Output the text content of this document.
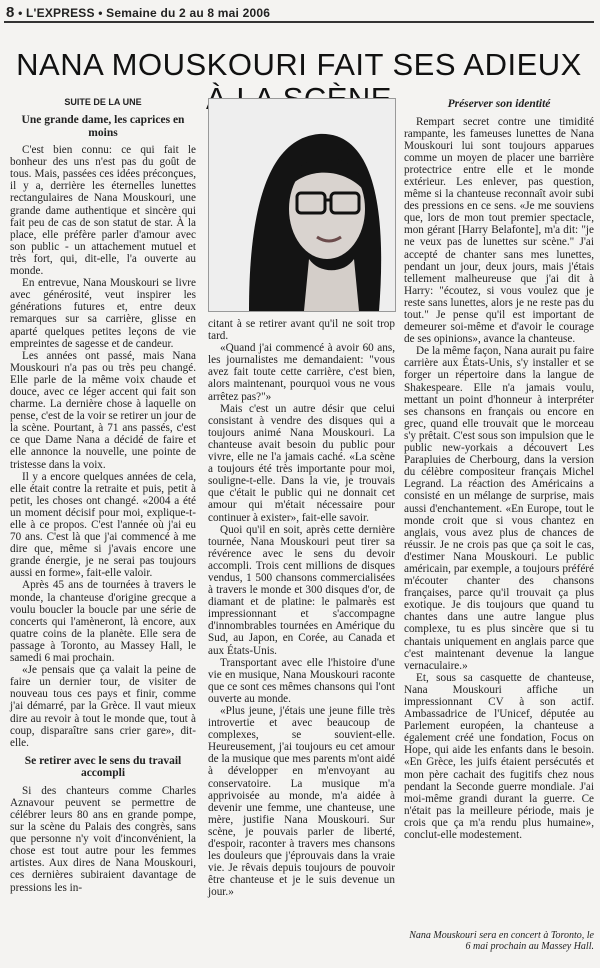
8 • L'EXPRESS • Semaine du 2 au 8 mai 2006
NANA MOUSKOURI FAIT SES ADIEUX
SUITE DE LA UNE
Une grande dame, les caprices en moins

C'est bien connu: ce qui fait le bonheur des uns n'est pas du goût de tous. Mais, passées ces idées préconçues, il y a, derrière les éternelles lunettes rectangulaires de Nana Mouskouri, une grande dame authentique et sincère qui fait peu de cas de son statut de star. À la place, elle préfère parler d'amour avec son public - un attachement mutuel et très fort, qui, dit-elle, l'a ouverte au monde.

En entrevue, Nana Mouskouri se livre avec générosité, veut inspirer les générations futures et, entre deux remarques sur sa carrière, glisse en aparté quelques petites leçons de vie empreintes de sagesse et de candeur.

Les années ont passé, mais Nana Mouskouri n'a pas ou très peu changé. Elle parle de la même voix chaude et douce, avec ce léger accent qui fait son charme. La dernière chose à laquelle on pense, c'est de la voir se retirer un jour de la scène. Pourtant, à 71 ans passés, c'est ce que Dame Nana a décidé de faire et elle annonce la nouvelle, une pointe de tristesse dans la voix.

Il y a encore quelques années de cela, elle était contre la retraite et puis, petit à petit, les choses ont changé. «2004 a été un moment décisif pour moi, explique-t-elle à ce propos. C'est l'année où j'ai eu 70 ans. C'est là que j'ai commencé à me dire que, même si j'avais encore une grande énergie, je ne serai pas toujours aussi en forme», fait-elle valoir.

Après 45 ans de tournées à travers le monde, la chanteuse d'origine grecque a voulu boucler la boucle par une série de concerts qui l'amèneront, là encore, aux quatre coins de la planète. Elle sera de passage à Toronto, au Massey Hall, le samedi 6 mai prochain.

«Je pensais que ça valait la peine de faire un dernier tour, de visiter de nouveau tous ces pays et finir, comme j'ai démarré, par la Grèce. Il vaut mieux dire au revoir à tout le monde que, tout à coup, disparaître sans crier gare», dit-elle.

Se retirer avec le sens du travail accompli

Si des chanteurs comme Charles Aznavour peuvent se permettre de célébrer leurs 80 ans en grande pompe, sur la scène du Palais des congrès, sans que personne n'y voit d'inconvénient, la chose est tout autre pour les femmes artistes. Aux dires de Nana Mouskouri, ces dernières subiraient davantage de pressions les in-

citant à se retirer avant qu'il ne soit trop tard.

«Quand j'ai commencé à avoir 60 ans, les journalistes me demandaient: "vous avez fait toute cette carrière, c'est bien, alors maintenant, pourquoi vous ne vous arrêtez pas?"»

Mais c'est un autre désir que celui consistant à vendre des disques qui a toujours animé Nana Mouskouri. La chanteuse avait besoin du public pour vivre, elle ne l'a jamais caché. «La scène a toujours été très importante pour moi, souligne-t-elle. Dans la vie, je trouvais que c'était le public qui ne donnait cet amour qui m'était nécessaire pour continuer à exister», fait-elle savoir.

Quoi qu'il en soit, après cette dernière tournée, Nana Mouskouri peut tirer sa révérence avec le sens du devoir accompli. Trois cent millions de disques vendus, 1 500 chansons commercialisées à travers le monde et 300 disques d'or, de diamant et de platine: le palmarès est impressionnant et s'accompagne d'innombrables tournées en Amérique du Sud, au Japon, en Corée, au Canada et aux États-Unis.

Transportant avec elle l'histoire d'une vie en musique, Nana Mouskouri raconte que ce sont ces mêmes chansons qui l'ont ouverte au monde.

«Plus jeune, j'étais une jeune fille très introvertie et avec beaucoup de complexes, se souvient-elle. Heureusement, j'ai toujours eu cet amour de la musique que mes parents m'ont aidé à développer en m'envoyant au conservatoire. La musique m'a apprivoisée au monde, m'a aidée à devenir une femme, une chanteuse, une mère, justifie Nana Mouskouri. Sur scène, je pouvais parler de liberté, d'espoir, raconter à travers mes chansons les douleurs que j'éprouvais dans la vraie vie. Je rêvais depuis toujours de pouvoir être chanteuse et je le suis devenue un jour.»

Préserver son identité

Rempart secret contre une timidité rampante, les fameuses lunettes de Nana Mouskouri lui sont toujours apparues comme un moyen de placer une barrière protectrice entre elle et le monde extérieur. Les enlever, pas question, même si la chanteuse reconnaît avoir subi des pressions en ce sens. «Je me souviens que, lors de mon tout premier spectacle, mon gérant [Harry Belafonte], m'a dit: "je ne veux pas de lunettes sur scène." J'ai accepté de chanter sans mes lunettes, pendant un jour, deux jours, mais j'étais tellement malheureuse que j'ai dit à Harry: "écoutez, si vous voulez que je reste sans lunettes, alors je ne reste pas du tout." Je pense qu'il est important de demeurer soi-même et d'avoir le courage de ses opinions», avance la chanteuse.

De la même façon, Nana aurait pu faire carrière aux États-Unis, s'y installer et se forger un répertoire dans la langue de Shakespeare. Elle n'a jamais voulu, mettant un point d'honneur à interpréter ses chansons en français ou encore en grec, quand elle trouvait que le morceau s'y prêtait. C'est sous son impulsion que le public new-yorkais a découvert Les Parapluies de Cherbourg, dans la version du célèbre compositeur français Michel Legrand. La réaction des Américains a consisté en un mélange de surprise, mais aussi d'enchantement. «En Europe, tout le monde croit que si vous chantez en anglais, vous avez plus de chances de réussir. Je ne crois pas que ça soit le cas, d'estimer Nana Mouskouri. Le public américain, par exemple, a toujours préféré m'écouter chanter des chansons françaises, parce qu'il trouvait ça plus exotique. Je dis toujours que quand tu chantes dans une autre langue plus complexe, tu es plus sincère que si tu chantais uniquement en anglais parce que c'est maintenant devenue la langue vernaculaire.»

Et, sous sa casquette de chanteuse, Nana Mouskouri affiche un impressionnant CV à son actif. Ambassadrice de l'Unicef, députée au Parlement européen, la chanteuse a également créé une fondation, Focus on Hope, qui aide les enfants dans le besoin. «En Grèce, les juifs étaient persécutés et mon père cachait des fugitifs chez nous pendant la Seconde guerre mondiale. J'ai moi-même grandi durant la guerre. Ce n'était pas la meilleure période, mais je crois que ça m'a rendu plus humaine», conclut-elle modestement.

Nana Mouskouri sera en concert à Toronto, le 6 mai prochain au Massey Hall.
